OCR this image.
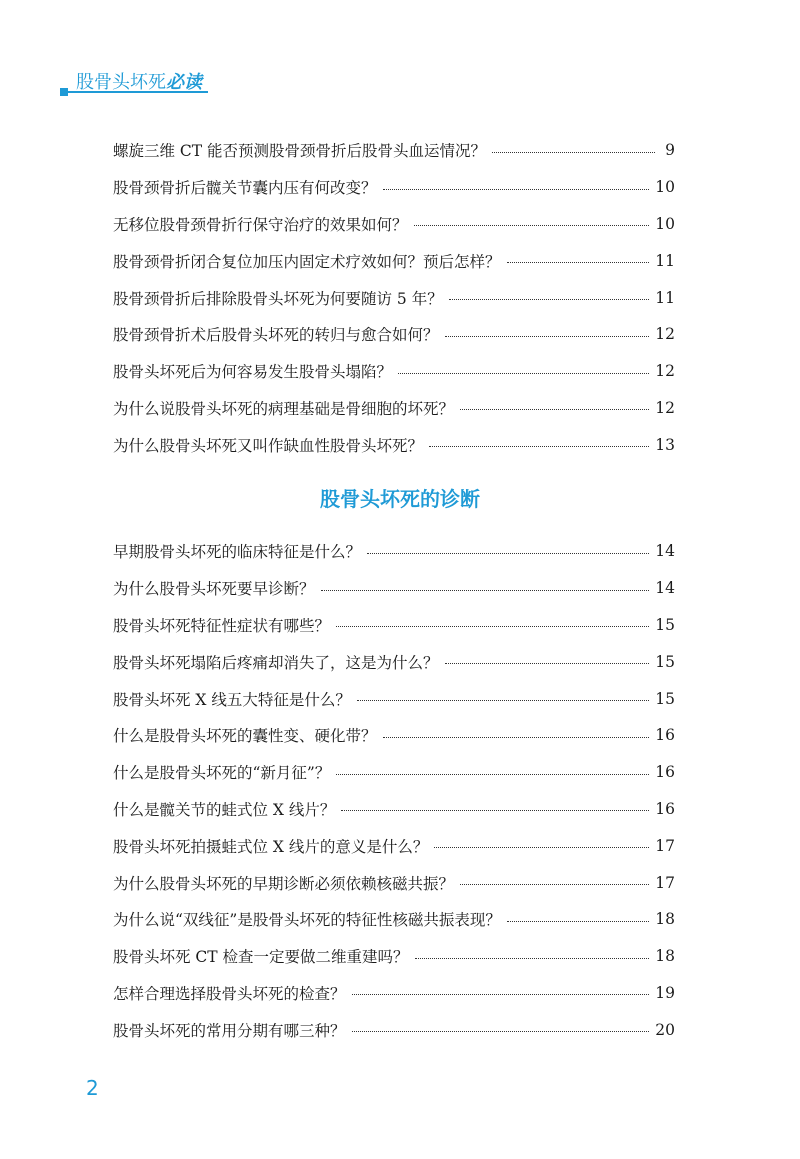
股骨头坏死必读
螺旋三维 CT 能否预测股骨颈骨折后股骨头血运情况？	9
股骨颈骨折后髋关节囊内压有何改变？	10
无移位股骨颈骨折行保守治疗的效果如何？	10
股骨颈骨折闭合复位加压内固定术疗效如何？预后怎样？	11
股骨颈骨折后排除股骨头坏死为何要随访 5 年？	11
股骨颈骨折术后股骨头坏死的转归与愈合如何？	12
股骨头坏死后为何容易发生股骨头塌陷？	12
为什么说股骨头坏死的病理基础是骨细胞的坏死？	12
为什么股骨头坏死又叫作缺血性股骨头坏死？	13
股骨头坏死的诊断
早期股骨头坏死的临床特征是什么？	14
为什么股骨头坏死要早诊断？	14
股骨头坏死特征性症状有哪些？	15
股骨头坏死塌陷后疼痛却消失了，这是为什么？	15
股骨头坏死 X 线五大特征是什么？	15
什么是股骨头坏死的囊性变、硬化带？	16
什么是股骨头坏死的“新月征”？	16
什么是髋关节的蛙式位 X 线片？	16
股骨头坏死拍摄蛙式位 X 线片的意义是什么？	17
为什么股骨头坏死的早期诊断必须依赖核磁共振？	17
为什么说“双线征”是股骨头坏死的特征性核磁共振表现？	18
股骨头坏死 CT 检查一定要做二维重建吗？	18
怎样合理选择股骨头坏死的检查？	19
股骨头坏死的常用分期有哪三种？	20
2
